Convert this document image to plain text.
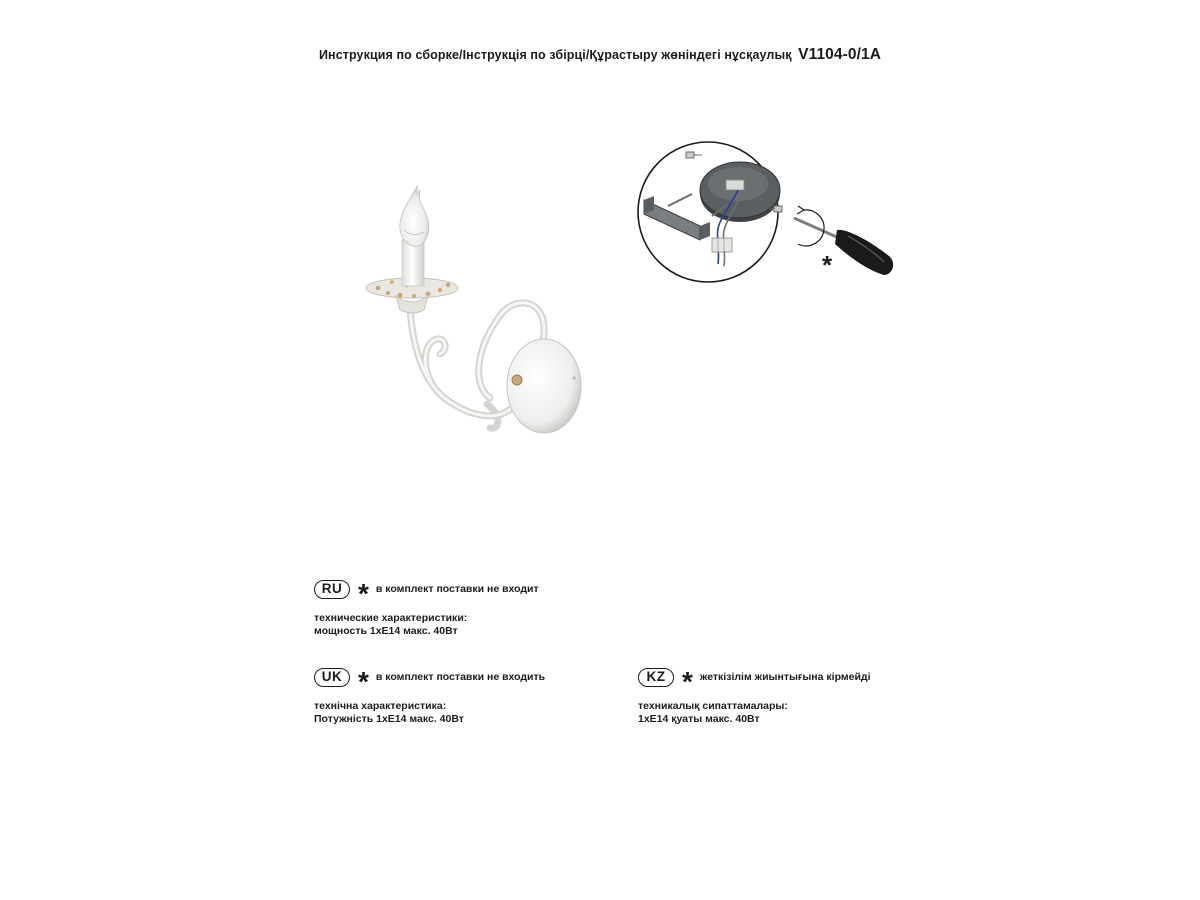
Инструкция по сборке/Інструкція по збірці/Құрастыру жөніндегі нұсқаулық V1104-0/1A
*
RU * в комплект поставки не входит
технические характеристики:
мощность 1хЕ14 макс. 40Вт
UK * в комплект поставки не входить
технічна характеристика:
Потужність 1хЕ14 макс. 40Вт
KZ * жеткізілім жиынтығына кірмейді
техникалық сипаттамалары:
1хЕ14 қуаты макс. 40Вт
